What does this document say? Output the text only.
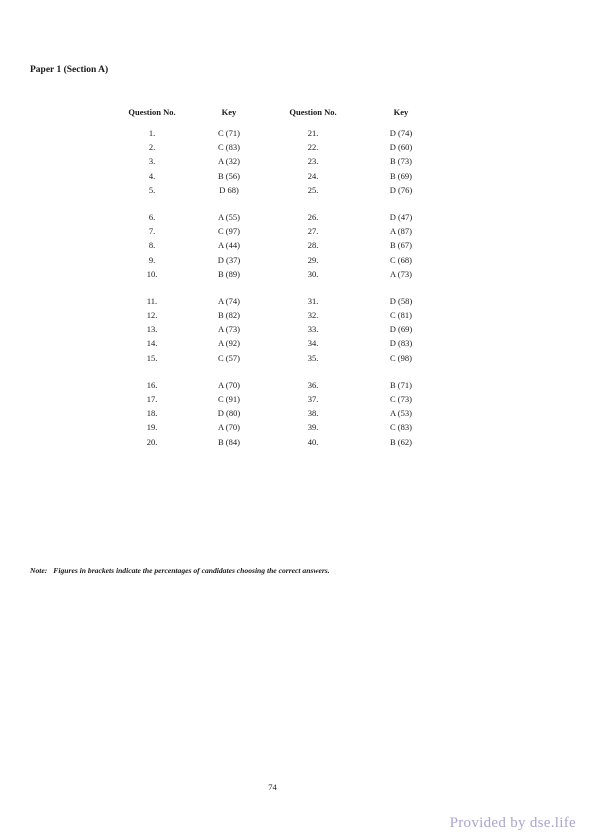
Paper 1 (Section A)
Question No.	Key	Question No.	Key
1.	C (71)	21.	D (74)
2.	C (83)	22.	D (60)
3.	A (32)	23.	B (73)
4.	B (56)	24.	B (69)
5.	D 68)	25.	D (76)
6.	A (55)	26.	D (47)
7.	C (97)	27.	A (87)
8.	A (44)	28.	B (67)
9.	D (37)	29.	C (68)
10.	B (89)	30.	A (73)
11.	A (74)	31.	D (58)
12.	B (82)	32.	C (81)
13.	A (73)	33.	D (69)
14.	A (92)	34.	D (83)
15.	C (57)	35.	C (98)
16.	A (70)	36.	B (71)
17.	C (91)	37.	C (73)
18.	D (80)	38.	A (53)
19.	A (70)	39.	C (83)
20.	B (84)	40.	B (62)
Note: Figures in brackets indicate the percentages of candidates choosing the correct answers.
74
Provided by dse.life
